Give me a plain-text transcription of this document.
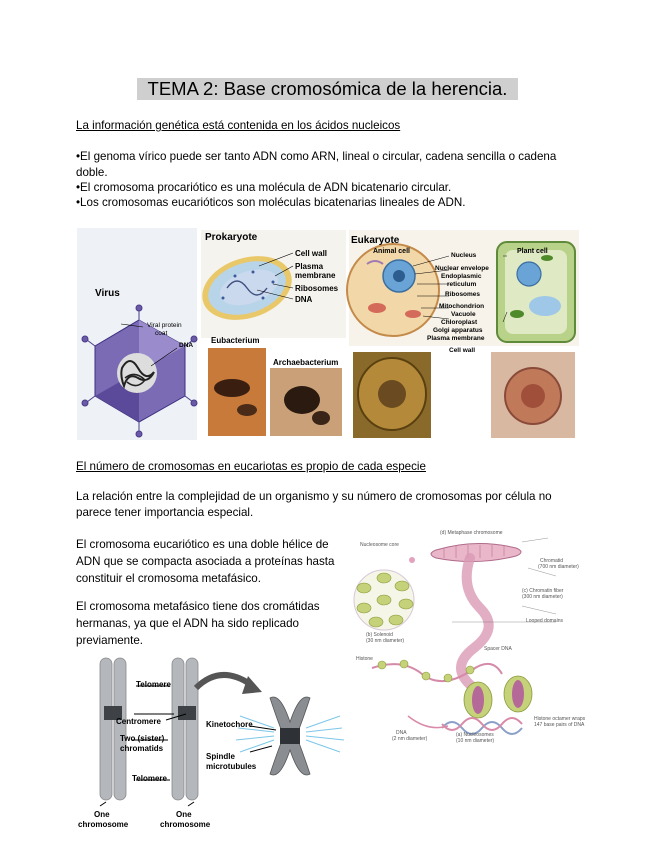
TEMA 2: Base cromosómica de la herencia.
La información genética está contenida en los ácidos nucleicos
•El genoma vírico puede ser tanto ADN como ARN, lineal o circular, cadena sencilla o cadena doble.
•El cromosoma procariótico es una molécula de ADN bicatenario circular.
•Los cromosomas eucarióticos son moléculas bicatenarias lineales de ADN.
El número de cromosomas en eucariotas es propio de cada especie
La relación entre la complejidad de un organismo y su número de cromosomas por célula no parece tener importancia especial.
El cromosoma eucariótico es una doble hélice de ADN que se compacta asociada a proteínas hasta constituir el cromosoma metafásico.
El cromosoma metafásico tiene dos cromátidas hermanas, ya que el ADN ha sido replicado previamente.
Virus
Viral protein
coat
DNA
Prokaryote
Cell wall
Plasma
membrane
Ribosomes
DNA
Eubacterium
Archaebacterium
Eukaryote
Animal cell	Plant cell
Nucleus
Nuclear envelope
Endoplasmic
reticulum
Ribosomes
Mitochondrion
Vacuole
Chloroplast
Golgi apparatus
Plasma membrane
Cell wall
(d) Metaphase chromosome
Nucleosome core
Chromatid
(700 nm diameter)
(c) Chromatin fiber
(300 nm diameter)
Looped domains
(b) Solenoid
(30 nm diameter)
Histone
Spacer DNA
DNA
(2 nm diameter)
(a) Nucleosomes
(10 nm diameter)
Histone octamer wraps
147 base pairs of DNA
Telomere
Centromere
Two (sister)
chromatids
Telomere
Kinetochore
Spindle
microtubules
One
chromosome
One
chromosome
